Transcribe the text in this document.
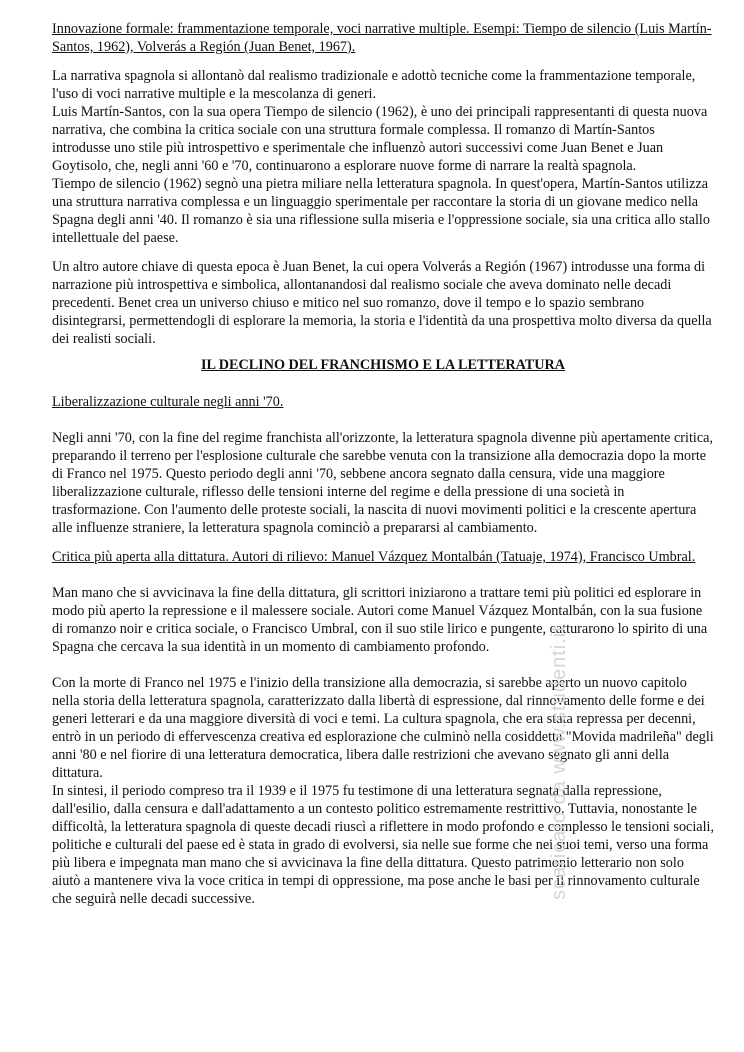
Innovazione formale: frammentazione temporale, voci narrative multiple. Esempi: Tiempo de silencio (Luis Martín-Santos, 1962), Volverás a Región (Juan Benet, 1967).

La narrativa spagnola si allontanò dal realismo tradizionale e adottò tecniche come la frammentazione temporale, l'uso di voci narrative multiple e la mescolanza di generi.

Luis Martín-Santos, con la sua opera Tiempo de silencio (1962), è uno dei principali rappresentanti di questa nuova narrativa, che combina la critica sociale con una struttura formale complessa. Il romanzo di Martín-Santos introdusse uno stile più introspettivo e sperimentale che influenzò autori successivi come Juan Benet e Juan Goytisolo, che, negli anni '60 e '70, continuarono a esplorare nuove forme di narrare la realtà spagnola.

Tiempo de silencio (1962) segnò una pietra miliare nella letteratura spagnola. In quest'opera, Martín-Santos utilizza una struttura narrativa complessa e un linguaggio sperimentale per raccontare la storia di un giovane medico nella Spagna degli anni '40. Il romanzo è sia una riflessione sulla miseria e l'oppressione sociale, sia una critica allo stallo intellettuale del paese.

Un altro autore chiave di questa epoca è Juan Benet, la cui opera Volverás a Región (1967) introdusse una forma di narrazione più introspettiva e simbolica, allontanandosi dal realismo sociale che aveva dominato nelle decadi precedenti. Benet crea un universo chiuso e mitico nel suo romanzo, dove il tempo e lo spazio sembrano disintegrarsi, permettendogli di esplorare la memoria, la storia e l'identità da una prospettiva molto diversa da quella dei realisti sociali.

IL DECLINO DEL FRANCHISMO E LA LETTERATURA

Liberalizzazione culturale negli anni '70.

Negli anni '70, con la fine del regime franchista all'orizzonte, la letteratura spagnola divenne più apertamente critica, preparando il terreno per l'esplosione culturale che sarebbe venuta con la transizione alla democrazia dopo la morte di Franco nel 1975. Questo periodo degli anni '70, sebbene ancora segnato dalla censura, vide una maggiore liberalizzazione culturale, riflesso delle tensioni interne del regime e della pressione di una società in trasformazione. Con l'aumento delle proteste sociali, la nascita di nuovi movimenti politici e la crescente apertura alle influenze straniere, la letteratura spagnola cominciò a prepararsi al cambiamento.

Critica più aperta alla dittatura. Autori di rilievo: Manuel Vázquez Montalbán (Tatuaje, 1974), Francisco Umbral.

Man mano che si avvicinava la fine della dittatura, gli scrittori iniziarono a trattare temi più politici ed esplorare in modo più aperto la repressione e il malessere sociale. Autori come Manuel Vázquez Montalbán, con la sua fusione di romanzo noir e critica sociale, o Francisco Umbral, con il suo stile lirico e pungente, catturarono lo spirito di una Spagna che cercava la sua identità in un momento di cambiamento profondo.

Con la morte di Franco nel 1975 e l'inizio della transizione alla democrazia, si sarebbe aperto un nuovo capitolo nella storia della letteratura spagnola, caratterizzato dalla libertà di espressione, dal rinnovamento delle forme e dei generi letterari e da una maggiore diversità di voci e temi. La cultura spagnola, che era stata repressa per decenni, entrò in un periodo di effervescenza creativa ed esplorazione che culminò nella cosiddetta "Movida madrileña" degli anni '80 e nel fiorire di una letteratura democratica, libera dalle restrizioni che avevano segnato gli anni della dittatura.

In sintesi, il periodo compreso tra il 1939 e il 1975 fu testimone di una letteratura segnata dalla repressione, dall'esilio, dalla censura e dall'adattamento a un contesto politico estremamente restrittivo. Tuttavia, nonostante le difficoltà, la letteratura spagnola di queste decadi riuscì a riflettere in modo profondo e complesso le tensioni sociali, politiche e culturali del paese ed è stata in grado di evolversi, sia nelle sue forme che nei suoi temi, verso una forma più libera e impegnata man mano che si avvicinava la fine della dittatura. Questo patrimonio letterario non solo aiutò a mantenere viva la voce critica in tempi di oppressione, ma pose anche le basi per il rinnovamento culturale che seguirà nelle decadi successive.	scaricato da www.studenti.it
